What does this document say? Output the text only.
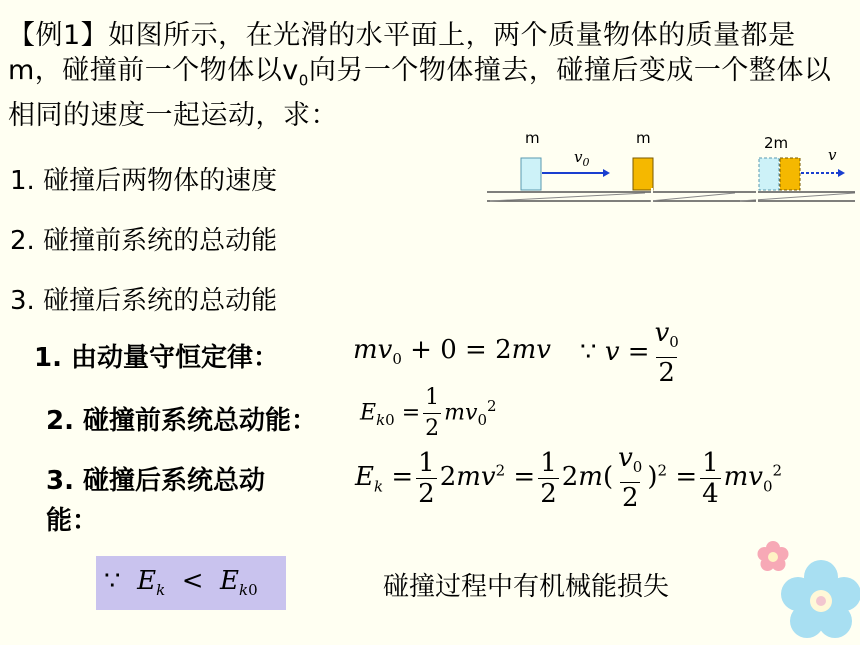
【例1】如图所示，在光滑的水平面上，两个质量物体的质量都是m，碰撞前一个物体以$v_0$向另一个物体撞去，碰撞后变成一个整体以相同的速度一起运动，求：
1. 碰撞后两物体的速度
2. 碰撞前系统的总动能
3. 碰撞后系统的总动能
m	m	2m
$v_0$	v
1. 由动量守恒定律：	$mv_0 + 0 = 2mv$ ∵ $v = \frac{v_0}{2}$
2. 碰撞前系统总动能： $E_{k0} = \frac{1}{2} mv_0^2$
3. 碰撞后系统总动
能：
$E_k = \frac{1}{2} 2mv^2 = \frac{1}{2} 2m( \frac{v_0}{2} )^2 = \frac{1}{4} mv_0^2$
∵  $E_k < E_{k0}$	碰撞过程中有机械能损失
